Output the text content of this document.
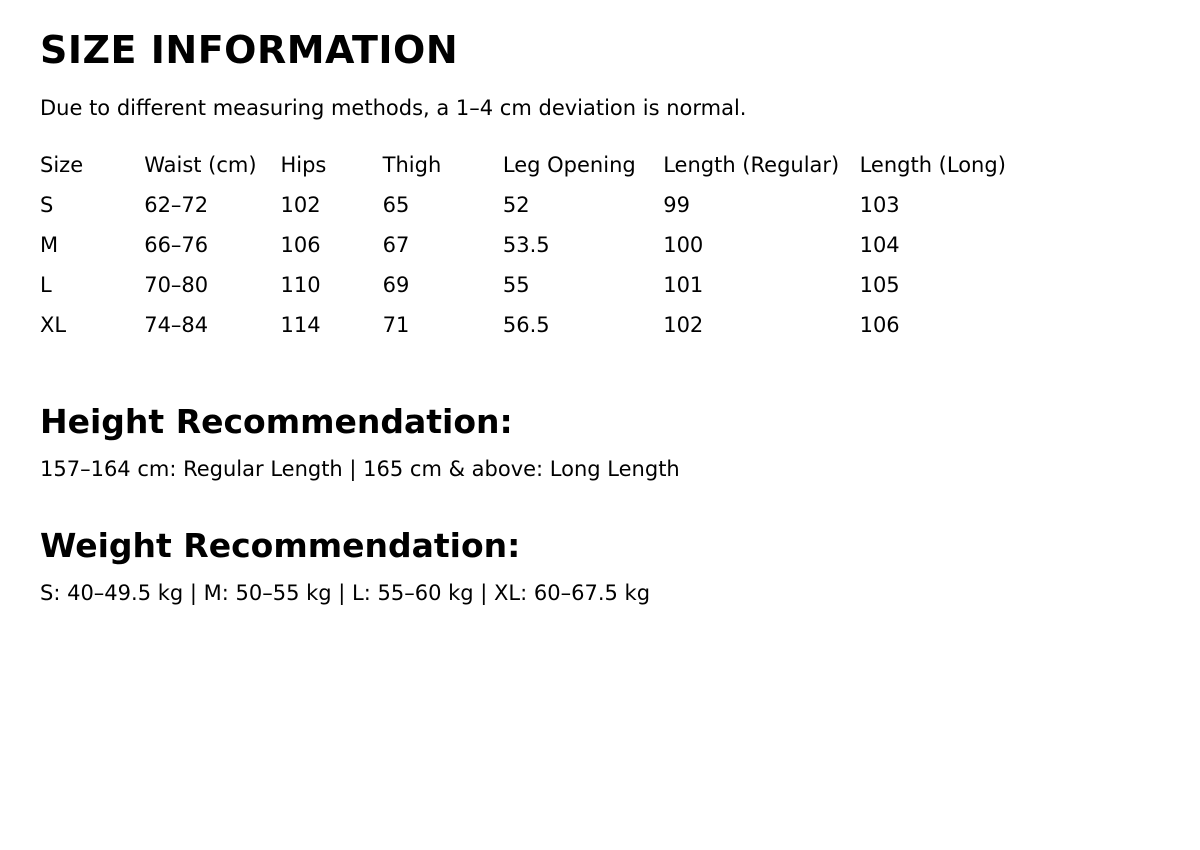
SIZE INFORMATION

Due to different measuring methods, a 1–4 cm deviation is normal.

Size	Waist (cm)	Hips	Thigh	Leg Opening	Length (Regular)	Length (Long)
S	62–72	102	65	52	99	103
M	66–76	106	67	53.5	100	104
L	70–80	110	69	55	101	105
XL	74–84	114	71	56.5	102	106
Height Recommendation:

157–164 cm: Regular Length | 165 cm & above: Long Length

Weight Recommendation:

S: 40–49.5 kg | M: 50–55 kg | L: 55–60 kg | XL: 60–67.5 kg
